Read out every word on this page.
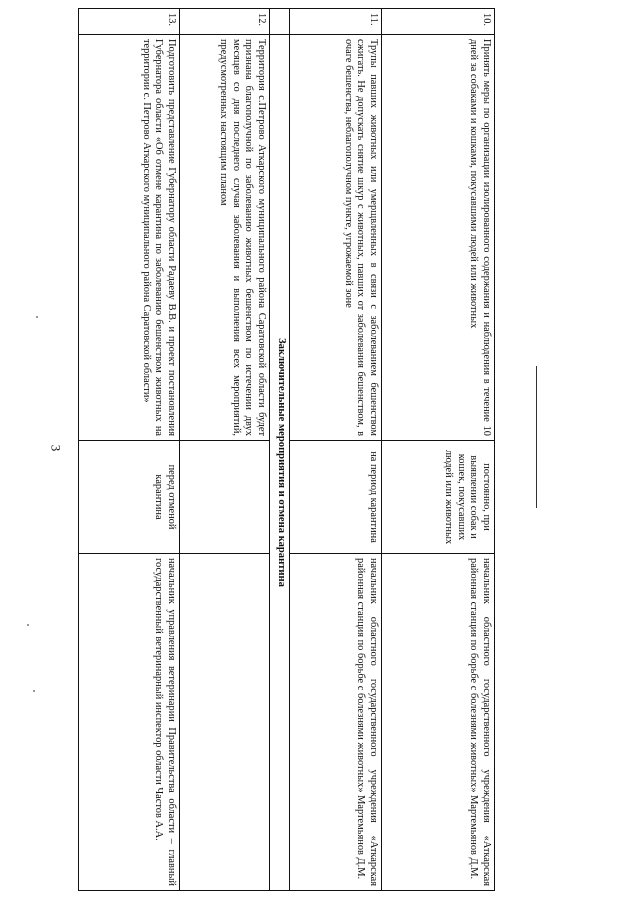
3
10.	Принять меры по организации изолированного содержания и наблюдения в течение 10 дней за собаками и кошками, покусавшими людей или животных	постоянно, при выявлении собак и кошек, покусавших людей или животных	начальник областного государственного учреждения «Аткарская районная станция по борьбе с болезнями животных» Мартемьянов Д.М.
11.	Трупы павших животных или умерщвленных в связи с заболеванием бешенством сжигать. Не допускать снятие шкур с животных, павших от заболевания бешенством, в очаге бешенства, неблагополучном пункте, угрожаемой зоне	на период карантина	начальник областного государственного учреждения «Аткарская районная станция по борьбе с болезнями животных» Мартемьянов Д.М.
	Заключительные мероприятия и отмена карантина		
12.	Территория с.Петрово Аткарского муниципального района Саратовской области будет признана благополучной по заболеванию животных бешенством по истечении двух месяцев со дня последнего случая заболевания и выполнения всех мероприятий, предусмотренных настоящим планом		
13.	Подготовить представление Губернатору области Радаеву В.В. и проект постановления Губернатора области «Об отмене карантина по заболеванию бешенством животных на территории с. Петрово Аткарского муниципального района Саратовской области»	перед отменой карантина	начальник управления ветеринарии Правительства области – главный государственный ветеринарный инспектор области Частов А.А.
